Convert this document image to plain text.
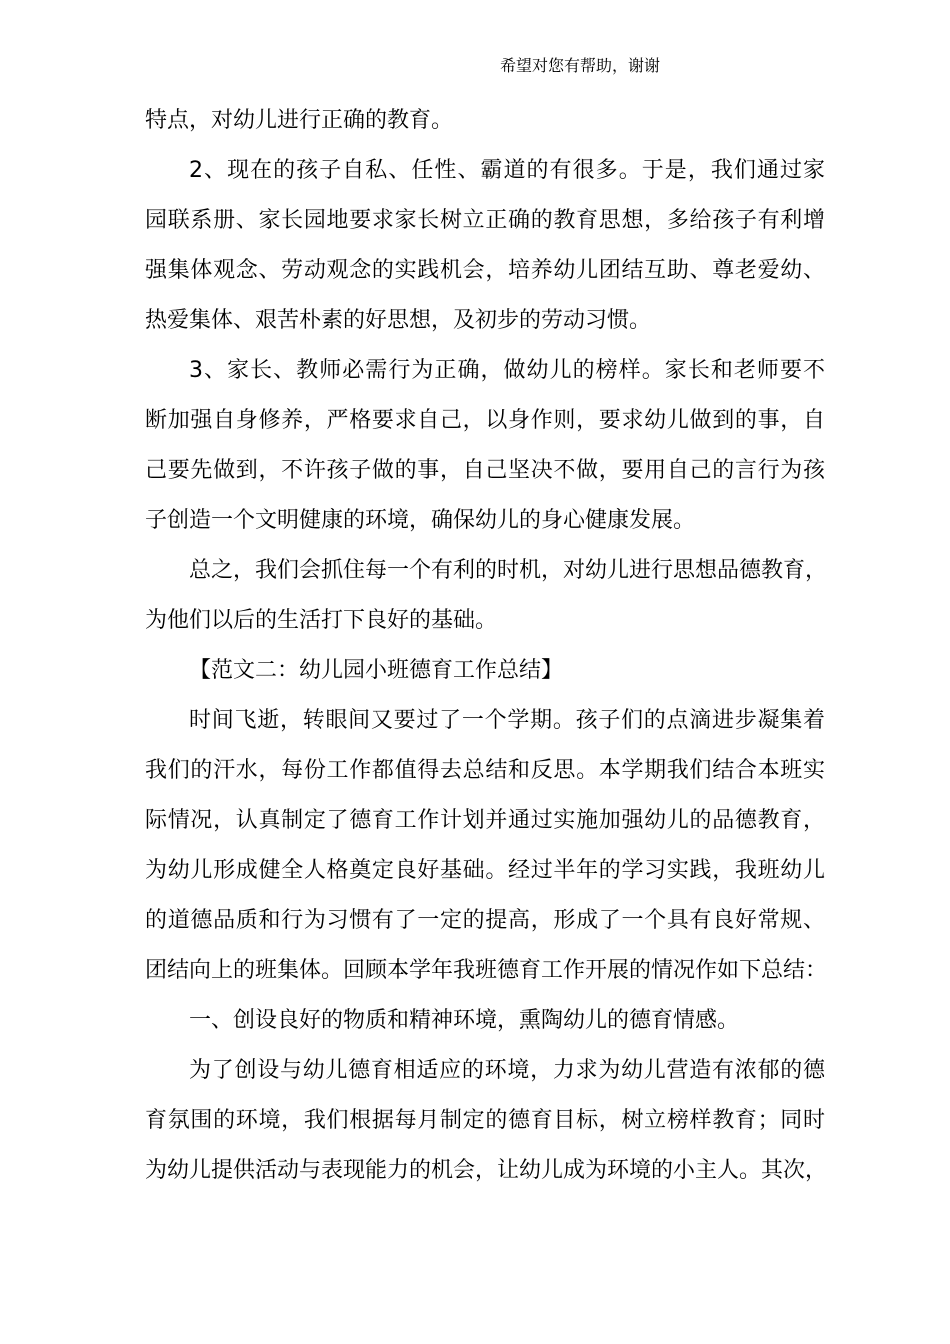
希望对您有帮助，谢谢
特点，对幼儿进行正确的教育。
2、现在的孩子自私、任性、霸道的有很多。于是，我们通过家
园联系册、家长园地要求家长树立正确的教育思想，多给孩子有利增
强集体观念、劳动观念的实践机会，培养幼儿团结互助、尊老爱幼、
热爱集体、艰苦朴素的好思想，及初步的劳动习惯。
3、家长、教师必需行为正确，做幼儿的榜样。家长和老师要不
断加强自身修养，严格要求自己，以身作则，要求幼儿做到的事，自
己要先做到，不许孩子做的事，自己坚决不做，要用自己的言行为孩
子创造一个文明健康的环境，确保幼儿的身心健康发展。
总之，我们会抓住每一个有利的时机，对幼儿进行思想品德教育，
为他们以后的生活打下良好的基础。
【范文二：幼儿园小班德育工作总结】
时间飞逝，转眼间又要过了一个学期。孩子们的点滴进步凝集着
我们的汗水，每份工作都值得去总结和反思。本学期我们结合本班实
际情况，认真制定了德育工作计划并通过实施加强幼儿的品德教育，
为幼儿形成健全人格奠定良好基础。经过半年的学习实践，我班幼儿
的道德品质和行为习惯有了一定的提高，形成了一个具有良好常规、
团结向上的班集体。回顾本学年我班德育工作开展的情况作如下总结：
一、创设良好的物质和精神环境，熏陶幼儿的德育情感。
为了创设与幼儿德育相适应的环境，力求为幼儿营造有浓郁的德
育氛围的环境，我们根据每月制定的德育目标，树立榜样教育；同时
为幼儿提供活动与表现能力的机会，让幼儿成为环境的小主人。其次，
